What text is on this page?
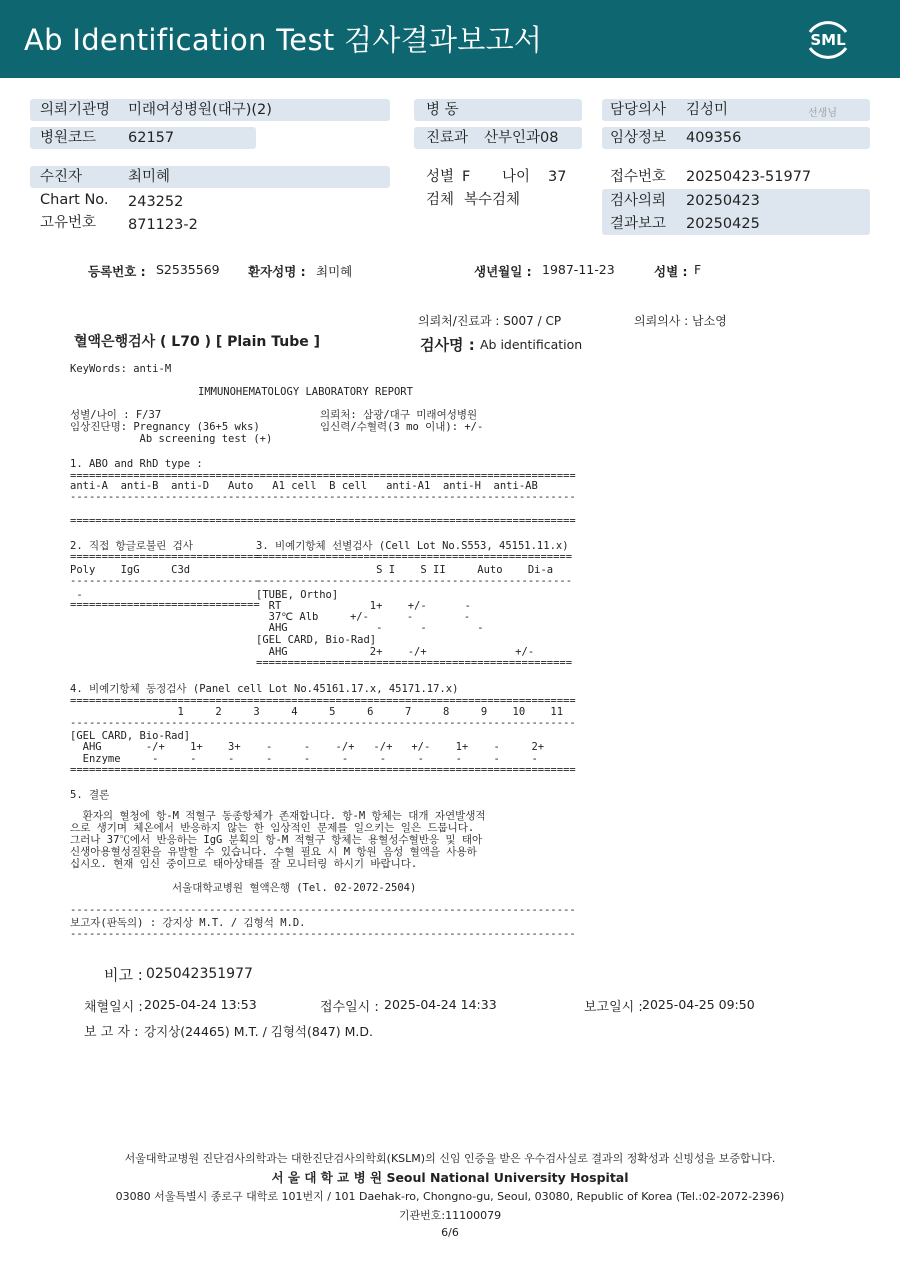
Ab Identification Test 검사결과보고서	SML
의뢰기관명 미래여성병원(대구)(2)
병원코드 62157
병 동
진료과 산부인과08
담당의사 김성미	선생님
임상정보 409356
수진자	최미혜
Chart No. 243252
고유번호 871123-2
성별 F 나이 37
검체 복수검체
접수번호 20250423-51977
검사의뢰 20250423
결과보고 20250425
등록번호 : S2535569 환자성명 : 최미혜	생년월일 : 1987-11-23	성별 : F
의뢰처/진료과 : S007 / CP	의뢰의사 : 남소영
혈액은행검사 ( L70 ) [ Plain Tube ]	검사명 : Ab identification
KeyWords: anti-M
IMMUNOHEMATOLOGY LABORATORY REPORT
성별/나이 : F/37
임상진단명: Pregnancy (36+5 wks)
Ab screening test (+)
의뢰처: 삼광/대구 미래여성병원
임신력/수혈력(3 mo 이내): +/-
1. ABO and RhD type :
================================================================================
anti-A  anti-B  anti-D   Auto   A1 cell  B cell   anti-A1  anti-H  anti-AB
--------------------------------------------------------------------------------
================================================================================
2. 직접 항글로불린 검사
==============================
Poly    IgG     C3d
------------------------------
-
==============================
3. 비예기항체 선별검사 (Cell Lot No.S553, 45151.11.x)
==================================================
S I    S II     Auto    Di-a
--------------------------------------------------
[TUBE, Ortho]
RT              1+    +/-      -
37℃ Alb     +/-      -        -
AHG              -      -        -
[GEL CARD, Bio-Rad]
AHG             2+    -/+              +/-
==================================================
4. 비예기항체 동정검사 (Panel cell Lot No.45161.17.x, 45171.17.x)
================================================================================
1     2     3     4     5     6     7     8     9    10    11
--------------------------------------------------------------------------------
[GEL CARD, Bio-Rad]
AHG       -/+    1+    3+    -     -    -/+   -/+   +/-    1+    -     2+
Enzyme     -     -     -     -     -     -     -     -     -     -     -
================================================================================
5. 결론
환자의 혈청에 항-M 적혈구 동종항체가 존재합니다. 항-M 항체는 대개 자연발생적
으로 생기며 체온에서 반응하지 않는 한 임상적인 문제를 일으키는 일은 드뭅니다.
그러나 37℃에서 반응하는 IgG 분획의 항-M 적혈구 항체는 용혈성수혈반응 및 태아
신생아용혈성질환을 유발할 수 있습니다. 수혈 필요 시 M 항원 음성 혈액을 사용하
십시오. 현재 임신 중이므로 태아상태를 잘 모니터링 하시기 바랍니다.
서울대학교병원 혈액은행 (Tel. 02-2072-2504)
--------------------------------------------------------------------------------
보고자(판독의) : 강지상 M.T. / 김형석 M.D.
--------------------------------------------------------------------------------
비고 : 025042351977
채혈일시 : 2025-04-24 13:53	접수일시 : 2025-04-24 14:33	보고일시 : 2025-04-25 09:50
보 고 자 : 강지상(24465) M.T. / 김형석(847) M.D.
서울대학교병원 진단검사의학과는 대한진단검사의학회(KSLM)의 신임 인증을 받은 우수검사실로 결과의 정확성과 신빙성을 보증합니다.
서 울 대 학 교 병 원 Seoul National University Hospital
03080 서울특별시 종로구 대학로 101번지 / 101 Daehak-ro, Chongno-gu, Seoul, 03080, Republic of Korea (Tel.:02-2072-2396)
기관번호:11100079
6/6
